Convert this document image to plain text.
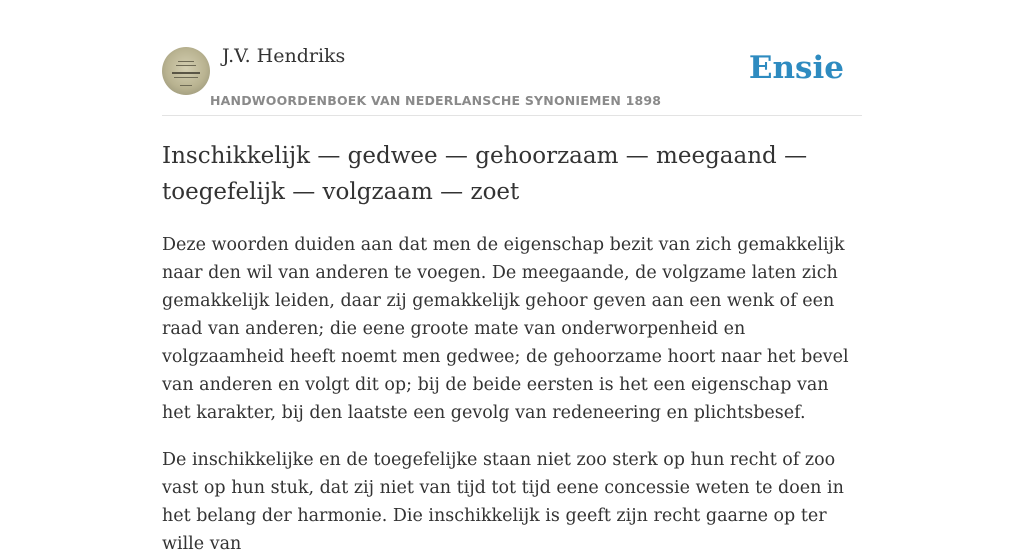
J.V. Hendriks
HANDWOORDENBOEK VAN NEDERLANSCHE SYNONIEMEN 1898
Ensie
Inschikkelijk — gedwee — gehoorzaam — meegaand — toegefelijk — volgzaam — zoet

Deze woorden duiden aan dat men de eigenschap bezit van zich gemakkelijk naar den wil van anderen te voegen. De meegaande, de volgzame laten zich gemakkelijk leiden, daar zij gemakkelijk gehoor geven aan een wenk of een raad van anderen; die eene groote mate van onderworpenheid en volgzaamheid heeft noemt men gedwee; de gehoorzame hoort naar het bevel van anderen en volgt dit op; bij de beide eersten is het een eigenschap van het karakter, bij den laatste een gevolg van redeneering en plichtsbesef.

De inschikkelijke en de toegefelijke staan niet zoo sterk op hun recht of zoo vast op hun stuk, dat zij niet van tijd tot tijd eene concessie weten te doen in het belang der harmonie. Die inschikkelijk is geeft zijn recht gaarne op ter wille van
